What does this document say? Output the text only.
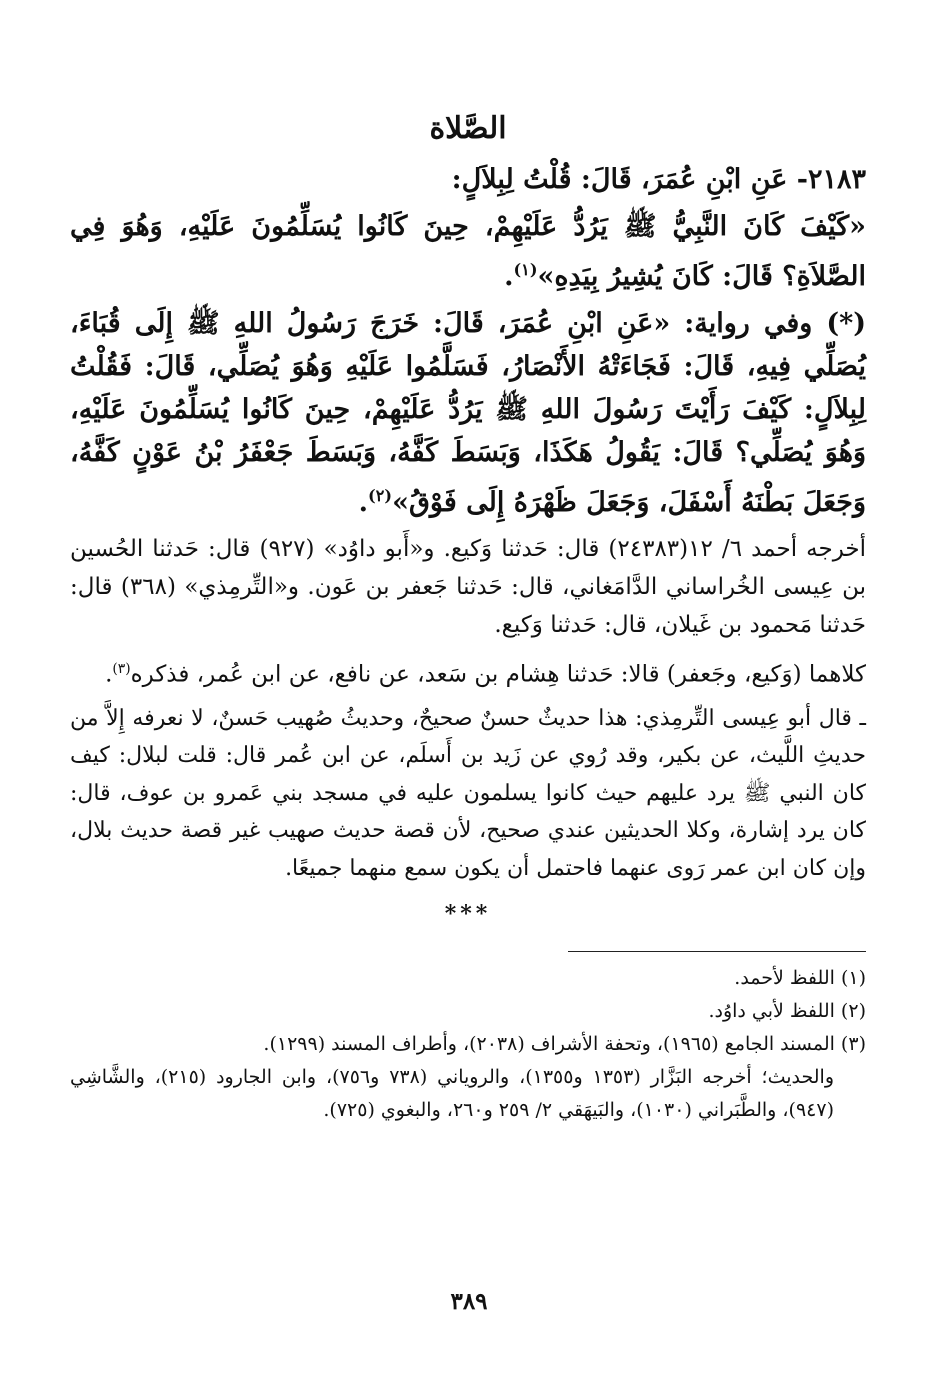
الصَّلاة

٢١٨٣- عَنِ ابْنِ عُمَرَ، قَالَ: قُلْتُ لِبِلاَلٍ:

«كَيْفَ كَانَ النَّبِيُّ ﷺ يَرُدُّ عَلَيْهِمْ، حِينَ كَانُوا يُسَلِّمُونَ عَلَيْهِ، وَهُوَ فِي الصَّلاَةِ؟ قَالَ: كَانَ يُشِيرُ بِيَدِهِ»$^{(١)}$.

(*) وفي رواية: «عَنِ ابْنِ عُمَرَ، قَالَ: خَرَجَ رَسُولُ اللهِ ﷺ إِلَى قُبَاءَ، يُصَلِّي فِيهِ، قَالَ: فَجَاءَتْهُ الأَنْصَارُ، فَسَلَّمُوا عَلَيْهِ وَهُوَ يُصَلِّي، قَالَ: فَقُلْتُ لِبِلاَلٍ: كَيْفَ رَأَيْتَ رَسُولَ اللهِ ﷺ يَرُدُّ عَلَيْهِمْ، حِينَ كَانُوا يُسَلِّمُونَ عَلَيْهِ، وَهُوَ يُصَلِّي؟ قَالَ: يَقُولُ هَكَذَا، وَبَسَطَ كَفَّهُ، وَبَسَطَ جَعْفَرُ بْنُ عَوْنٍ كَفَّهُ، وَجَعَلَ بَطْنَهُ أَسْفَلَ، وَجَعَلَ ظَهْرَهُ إِلَى فَوْقُ»$^{(٢)}$.

أخرجه أحمد ٦/ ١٢(٢٤٣٨٣) قال: حَدثنا وَكيع. و«أَبو داوُد» (٩٢٧) قال: حَدثنا الحُسين بن عِيسى الخُراساني الدَّامَغاني، قال: حَدثنا جَعفر بن عَون. و«التِّرمِذي» (٣٦٨) قال: حَدثنا مَحمود بن غَيلان، قال: حَدثنا وَكيع.

كلاهما (وَكيع، وجَعفر) قالا: حَدثنا هِشام بن سَعد، عن نافع، عن ابن عُمر، فذكره$^{(٣)}$.

ـ قال أبو عِيسى التِّرمِذي: هذا حديثٌ حسنٌ صحيحٌ، وحديثُ صُهيب حَسنٌ، لا نعرفه إِلاَّ من حديثِ اللَّيث، عن بكير، وقد رُوي عن زَيد بن أَسلَم، عن ابن عُمر قال: قلت لبلال: كيف كان النبي ﷺ يرد عليهم حيث كانوا يسلمون عليه في مسجد بني عَمرو بن عوف، قال: كان يرد إشارة، وكلا الحديثين عندي صحيح، لأن قصة حديث صهيب غير قصة حديث بلال، وإن كان ابن عمر رَوى عنهما فاحتمل أن يكون سمع منهما جميعًا.
***

(١) اللفظ لأحمد.

(٢) اللفظ لأبي داوُد.

(٣) المسند الجامع (١٩٦٥)، وتحفة الأشراف (٢٠٣٨)، وأطراف المسند (١٢٩٩).

والحديث؛ أخرجه البَزَّار (١٣٥٣ و١٣٥٥)، والروياني (٧٣٨ و٧٥٦)، وابن الجارود (٢١٥)، والشَّاشِي (٩٤٧)، والطَّبَراني (١٠٣٠)، والبَيهَقي ٢/ ٢٥٩ و٢٦٠، والبغوي (٧٢٥).

٣٨٩
